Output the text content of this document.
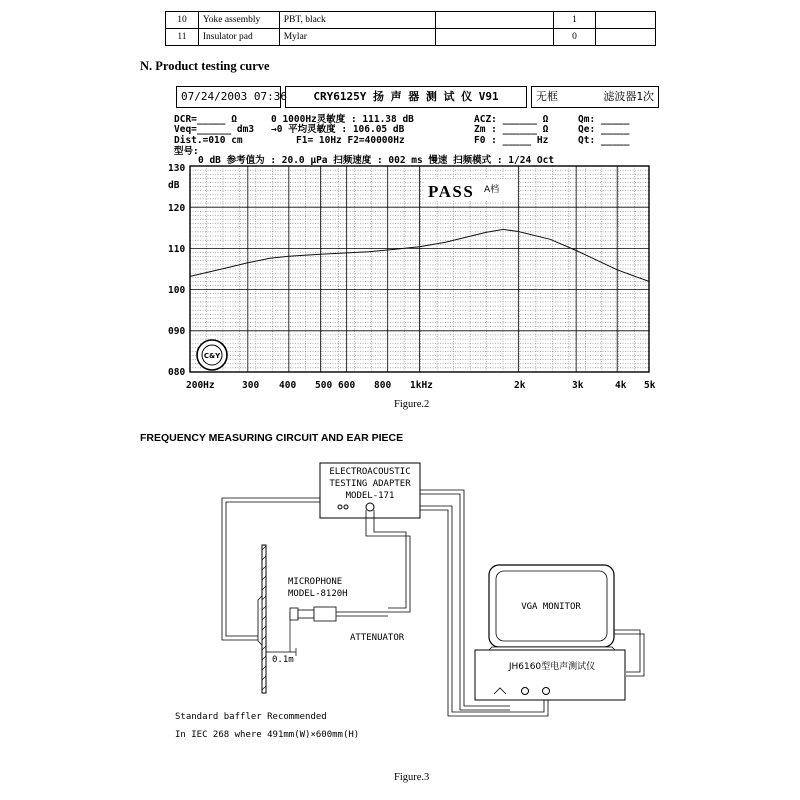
10	Yoke assembly	PBT, black		1	
11	Insulator pad	Mylar		0	
N. Product testing curve
07/24/2003 07:36	CRY6125Y 扬 声 器 测 试 仪 V91	无框	滤波器1次
DCR=_____ Ω
Veq=______ dm3
Dist.=010 cm
型号:
0 1000Hz灵敏度 : 111.38 dB
→0 平均灵敏度 : 106.05 dB
F1= 10Hz F2=40000Hz
ACZ: ______ Ω
Zm : ______ Ω
F0 : _____ Hz
Qm: _____
Qe: _____
Qt: _____
0 dB 参考值为 : 20.0 μPa 扫频速度 : 002 ms 慢速 扫频模式 : 1/24 Oct
130
dB
120
110
100
090
080
PASS A档
C&Y
200Hz	300 400 500 600 800 1kHz	2k	3k	4k 5k
Figure.2
FREQUENCY MEASURING CIRCUIT AND EAR PIECE
ELECTROACOUSTIC
TESTING ADAPTER
MODEL-171
0.1m
MICROPHONE
MODEL-8120H
ATTENUATOR
VGA MONITOR
JH6160型电声测试仪
Standard baffler Recommended
In IEC 268 where 491mm(W)×600mm(H)
Figure.3
